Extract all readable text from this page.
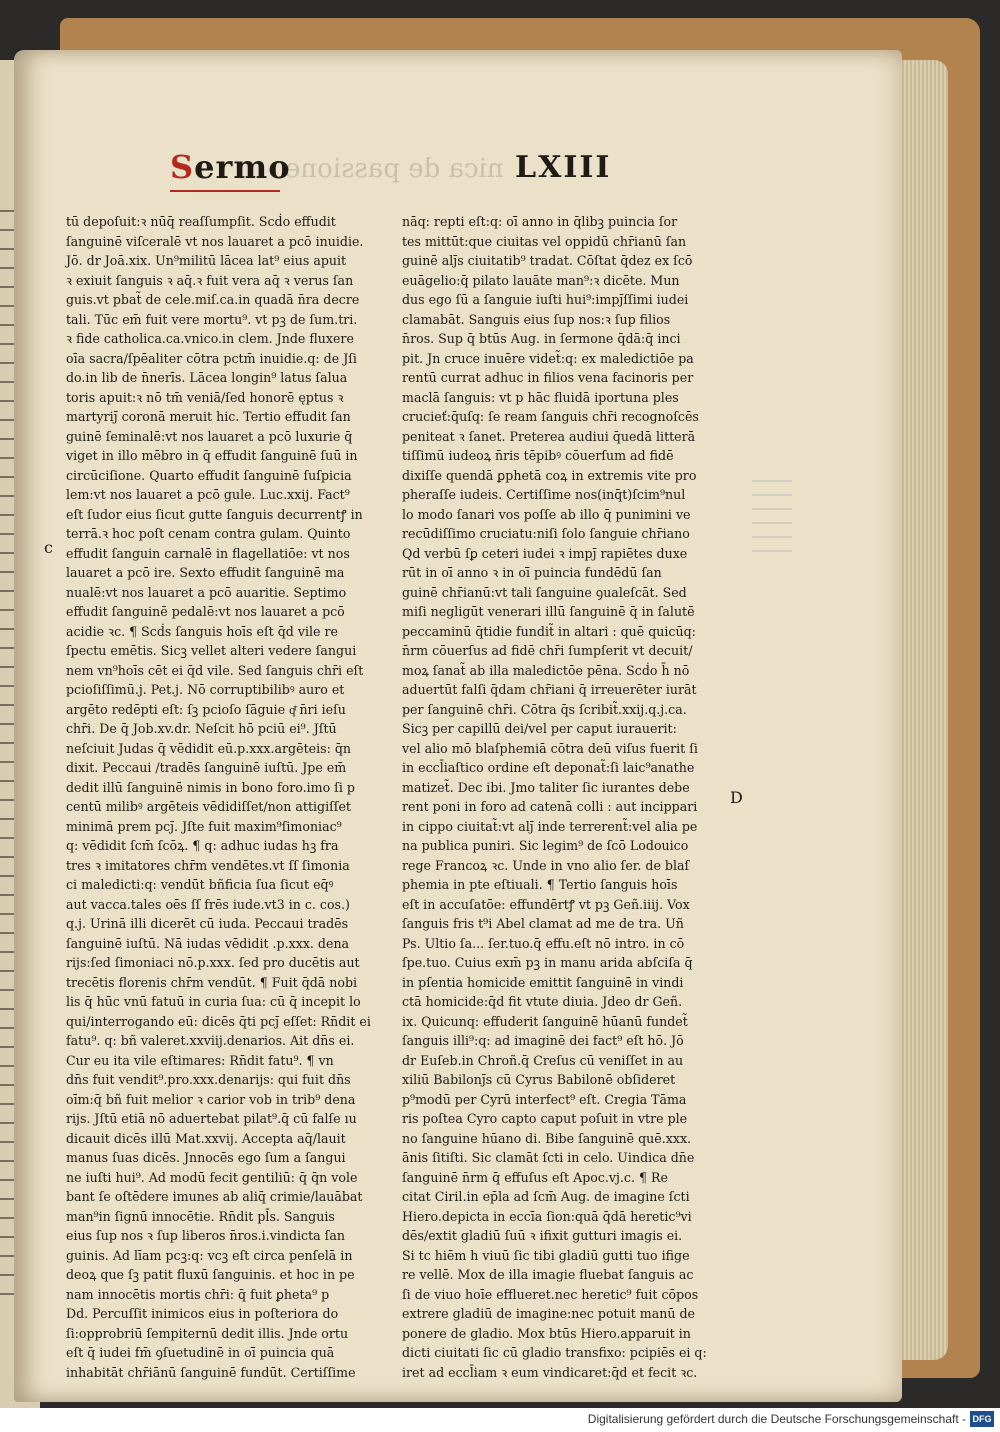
nica de passione
Sermo	LXIII
tū depoſuit:ꝛ nūq̄ reaſſumpſit. Scḋo effudit
ſanguinē viſceralē vt nos lauaret a pcō inuidie.
Jō. dr Joā.xix. Un⁹militū lācea lat⁹ eius apuit
ꝛ exiuit ſanguis ꝛ aq̄.ꝛ fuit vera aq̄ ꝛ verus ſan
guis.vt pbat̃ de cele.miſ.ca.in quadā n̄ra decre
tali. Tūc em̄ fuit vere mortu⁹. vt pꝫ de ſum.tri.
ꝛ fide catholica.ca.vnico.in clem. Jnde fluxere
oīa sacra/ſpēaliter cōtra pctm̄ inuidie.q: de Jſi
do.in lib de n̄nerīs. Lācea longin⁹ latus ſalua
toris apuit:ꝛ nō tm̄ veniā/ſed honorē ęptus ꝛ
martyriȷ̄ coronā meruit hic. Tertio effudit ſan
guinē ſeminalē:vt nos lauaret a pcō luxurie q̄
viget in illo mēbro in q̄ effudit ſanguinē ſuū in
circūciſione. Quarto effudit ſanguinē ſuſpicia
lem:vt nos lauaret a pcō gule. Luc.xxij. Fact⁹
eſt ſudor eius ſicut gutte ſanguis decurrentꝭ in
terrā.ꝛ hoc poſt cenam contra gulam. Quinto
effudit ſanguin carnalē in flagellatiōe: vt nos
lauaret a pcō ire. Sexto effudit ſanguinē ma
nualē:vt nos lauaret a pcō auaritie. Septimo
effudit ſanguinē pedalē:vt nos lauaret a pcō
acidie ꝛc. ¶ Scḋs ſanguis hoīs eſt q̄d vile re
ſpectu emētis. Sicꝫ vellet alteri vedere ſangui
nem vn⁹hoīs cēt ei q̄d vile. Sed ſanguis chr̄i eſt
pcioſiſſimū.j. Pet.j. Nō corruptibilibꝰ auro et
argēto redēpti eſt: ſꝫ pcioſo ſāguie qͥ̄ n̄ri ieſu
chr̄i. De q̄ Job.xv.dr. Neſcit hō pciū ei⁹. Jſtū
neſciuit Judas q̄ vēdidit eū.p.xxx.argēteis: q̄n
dixit. Peccaui /tradēs ſanguinē iuſtū. Jpe em̄
dedit illū ſanguinē nimis in bono foro.imo ſi p
centū milibꝰ argēteis vēdidiſſet/non attigiſſet
minimā prem pcȷ̄. Jſte fuit maxim⁹ſimoniac⁹
q: vēdidit ſcm̄ ſcōꝝ. ¶ q: adhuc iudas hꝫ fra
tres ꝛ imitatores chr̄m vendētes.vt ſſ ſimonia
ci maledicti:q: vendūt bñficia ſua ſicut eq̄ꝰ
aut vacca.tales oēs ſſ frēs iude.vt3 in c. cos.)
q.j. Urinā illi dicerēt cū iuda. Peccaui tradēs
ſanguinē iuſtū. Nā iudas vēdidit .p.xxx. dena
rijs:ſed ſimoniaci nō.p.xxx. ſed pro ducētis aut
trecētis florenis chr̄m vendūt. ¶ Fuit q̄dā nobi
lis q̄ hūc vnū fatuū in curia ſua: cū q̄ incepit lo
qui/interrogando eū: dicēs q̄ti pcȷ̄ eſſet: Rn̄dit ei
fatu⁹. q: bñ valeret.xxviij.denarios. Ait dn̄s ei.
Cur eu ita vile eſtimares: Rn̄dit fatu⁹. ¶ vn
dn̄s fuit vendit⁹.pro.xxx.denarijs: qui fuit dn̄s
oīm:q̄ bñ fuit melior ꝛ carior vob in trib⁹ dena
rijs. Jſtū etiā nō aduertebat pilat⁹.q̄ cū falſe ıu
dicauit dicēs illū Mat.xxvij. Accepta aq̄/lauit
manus ſuas dicēs. Jnnocēs ego ſum a ſangui
ne iuſti hui⁹. Ad modū fecit gentiliū: q̄ q̄n vole
bant ſe oſtēdere imunes ab aliq̄ crimie/lauābat
man⁹in ſignū innocētie. Rn̄dit pl̄s. Sanguis
eius ſup nos ꝛ ſup liberos n̄ros.i.vindicta ſan
guinis. Ad līam pcꝫ:q: vcꝫ eſt circa penſelā in
deoꝝ que ſꝫ patit fluxū ſanguinis. et hoc in pe
nam innocētis mortis chr̄i: q̄ fuit ꝑheta⁹ p
Dd. Percuſſit inimicos eius in poſteriora do
ſi:opprobriū ſempiternū dedit illis. Jnde ortu
eſt q̄ iudei fm̄ ꝯſuetudinē in oī̄ puincia quā
inhabitāt chr̄iānū ſanguinē fundūt. Certiſſime
nāq: repti eſt:q: oī̄ anno in q̄libꝫ puincia ſor
tes mittūt:que ciuitas vel oppidū chr̄ianū ſan
guinē alȷ̄s ciuitatib⁹ tradat. Cōſtat q̄dez ex ſcō
euāgelio:q̄ pilato lauāte man⁹:ꝛ dicēte. Mun
dus ego ſū a ſanguie iuſti hui⁹:impȷ̄ſſimi iudei
clamabāt. Sanguis eius ſup nos:ꝛ ſup filios
n̄ros. Sup q̄ btūs Aug. in ſermone q̄dā:q̄ inci
pit. Jn cruce inuēre videt̃:q: ex maledictiōe pa
rentū currat adhuc in filios vena facinoris per
maclā ſanguis: vt p hāc fluidā iportuna ples
crucieť:q̄uſq: ſe ream ſanguis chr̄i recognoſcēs
peniteat ꝛ ſanet. Preterea audiui q̄uedā litterā
tiſſimū iudeoꝝ n̄ris tēpibꝰ cōuerſum ad fidē
dixiſſe quendā ꝑphetā coꝝ in extremis vite pro
pheraſſe iudeis. Certiſſime nos(inq̄t)ſcim⁹nul
lo modo ſanari vos poſſe ab illo q̄ punimini ve
recūdiſſimo cruciatu:niſi ſolo ſanguie chr̄iano
Qd verbū ſꝑ ceteri iudei ꝛ impȷ̄ rapiētes duxe
rūt in oī̄ anno ꝛ in oī̄ puincia fundēdū ſan
guinē chr̄ianū:vt tali ſanguine ꝯualeſcāt. Sed
miſi negligūt venerari illū ſanguinē q̄ in ſalutē
peccaminū q̄tidie fundit̃ in altari : quē quicūq:
n̄rm cōuerſus ad fidē chr̄i ſumpſerit vt decuit/
moꝝ ſanat̃ ab illa maledictōe pēna. Scḋo h̄ nō
aduertūt falſi q̄dam chr̄iani q̄ irreuerēter iurāt
per ſanguinē chr̄i. Cōtra q̄s ſcribit̃.xxij.q.j.ca.
Sicꝫ per capillū dei/vel per caput iurauerit:
vel alio mō blaſphemiā cōtra deū viſus fuerit ſi
in eccl̄iaſtico ordine eſt deponat̃:ſi laic⁹anathe
matizet̃. Dec ibi. Jmo taliter ſic iurantes debe
rent poni in foro ad catenā colli : aut incippari
in cippo ciuitat̃:vt alȷ̄ inde terrerent̃:vel alia pe
na publica puniri. Sic legim⁹ de ſcō Lodouico
rege Francoꝝ ꝛc. Unde in vno alio ſer. de blaſ
phemia in pte eſtiuali. ¶ Tertio ſanguis hoīs
eſt in accuſatōe: effundērtꝭ vt pꝫ Geñ.iiij. Vox
ſanguis fris t⁹i Abel clamat ad me de tra. Uñ
Ps. Ultio ſa... ſer.tuo.q̄ effu.eſt nō intro. in cō
ſpe.tuo. Cuius exm̄ pꝫ in manu arida abſciſa q̄
in pſentia homicide emittit ſanguinē in vindi
ctā homicide:q̄d fit vtute diuia. Jdeo dr Geñ.
ix. Quicunq: effuderit ſanguinē hūanū fundet̃
ſanguis illi⁹:q: ad imaginē dei fact⁹ eſt hō. Jō
dr Euſeb.in Chroñ.q̄ Creſus cū veniſſet in au
xiliū Babilonȷ̄s cū Cyrus Babilonē obſideret
p⁹modū per Cyrū interfect⁹ eſt. Cregia Tāma
ris poſtea Cyro capto caput poſuit in vtre ple
no ſanguine hūano di. Bibe ſanguinē quē.xxx.
ānis ſitiſti. Sic clamāt ſcti in celo. Uindica dn̄e
ſanguinē n̄rm q̄ effuſus eſt Apoc.vj.c. ¶ Re
citat Ciril.in ep̄la ad ſcm̄ Aug. de imagine ſcti
Hiero.depicta in eccīa ſion:quā q̄dā heretic⁹vi
dēs/extit gladiū ſuū ꝛ ifixit gutturi imagis ei.
Si tc hiēm h viuū ſic tibi gladiū gutti tuo ifige
re vellē. Mox de illa imagie fluebat ſanguis ac
ſi de viuo hoīe efflueret.nec heretic⁹ fuit cōpos
extrere gladiū de imagine:nec potuit manū de
ponere de gladio. Mox btūs Hiero.apparuit in
dicti ciuitati ſic cū gladio transfixo: pcipiēs ei q:
iret ad eccl̄iam ꝛ eum vindicaret:q̄d et fecit ꝛc.
c
D
Digitalisierung gefördert durch die Deutsche Forschungsgemeinschaft - DFG
